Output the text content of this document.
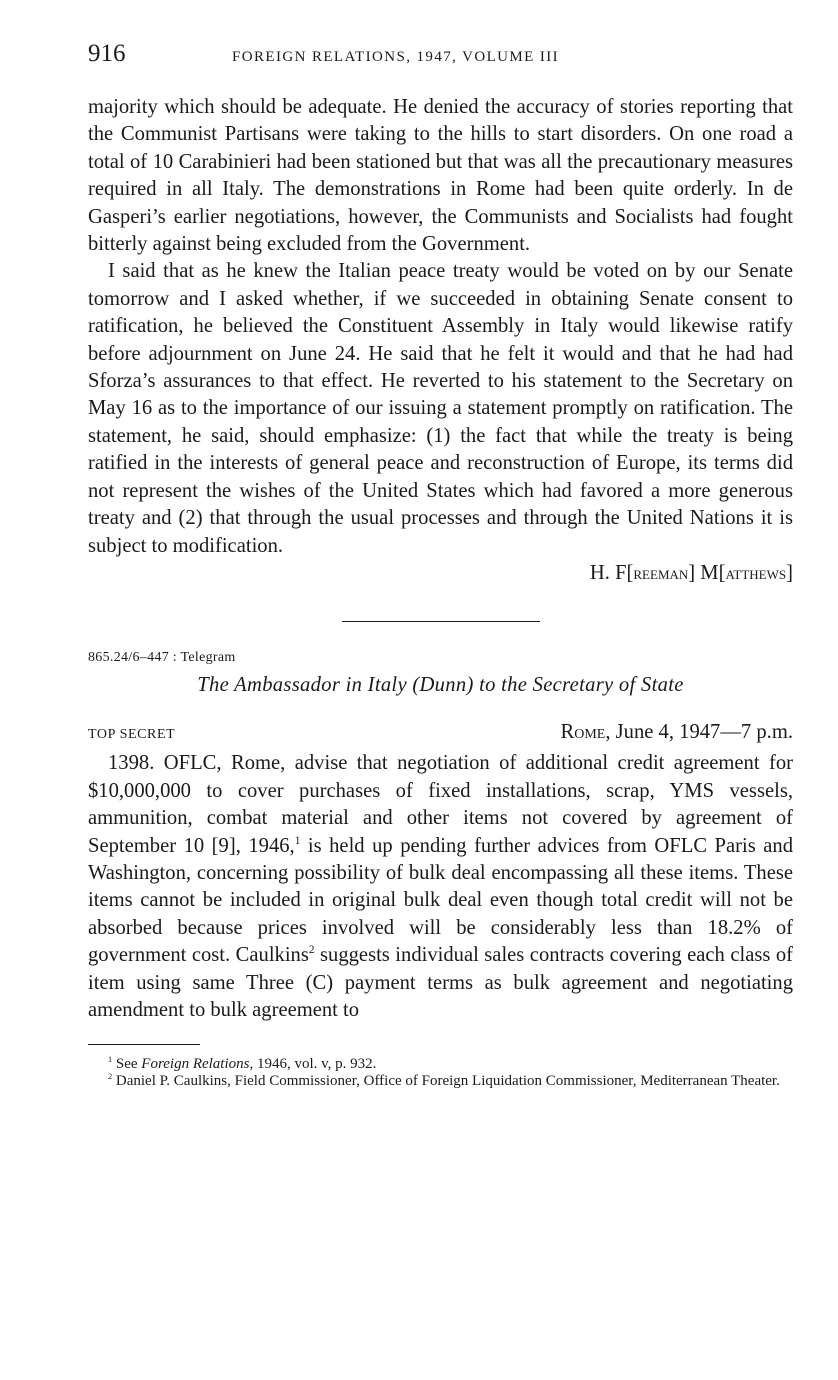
916	FOREIGN RELATIONS, 1947, VOLUME III

majority which should be adequate. He denied the accuracy of stories reporting that the Communist Partisans were taking to the hills to start disorders. On one road a total of 10 Carabinieri had been stationed but that was all the precautionary measures required in all Italy. The demonstrations in Rome had been quite orderly. In de Gasperi’s earlier negotiations, however, the Communists and Socialists had fought bitterly against being excluded from the Government.

I said that as he knew the Italian peace treaty would be voted on by our Senate tomorrow and I asked whether, if we succeeded in obtaining Senate consent to ratification, he believed the Constituent Assembly in Italy would likewise ratify before adjournment on June 24. He said that he felt it would and that he had had Sforza’s assurances to that effect. He reverted to his statement to the Secretary on May 16 as to the importance of our issuing a statement promptly on ratification. The statement, he said, should emphasize: (1) the fact that while the treaty is being ratified in the interests of general peace and reconstruction of Europe, its terms did not represent the wishes of the United States which had favored a more generous treaty and (2) that through the usual processes and through the United Nations it is subject to modification.

H. F[reeman] M[atthews]

865.24/6–447 : Telegram

The Ambassador in Italy (Dunn) to the Secretary of State

TOP SECRET	Rome, June 4, 1947—7 p.m.

1398. OFLC, Rome, advise that negotiation of additional credit agreement for $10,000,000 to cover purchases of fixed installations, scrap, YMS vessels, ammunition, combat material and other items not covered by agreement of September 10 [9], 1946,$^1$ is held up pending further advices from OFLC Paris and Washington, concerning possibility of bulk deal encompassing all these items. These items cannot be included in original bulk deal even though total credit will not be absorbed because prices involved will be considerably less than 18.2% of government cost. Caulkins$^2$ suggests individual sales contracts covering each class of item using same Three (C) payment terms as bulk agreement and negotiating amendment to bulk agreement to

$^1$ See Foreign Relations, 1946, vol. v, p. 932.

$^2$ Daniel P. Caulkins, Field Commissioner, Office of Foreign Liquidation Commissioner, Mediterranean Theater.
